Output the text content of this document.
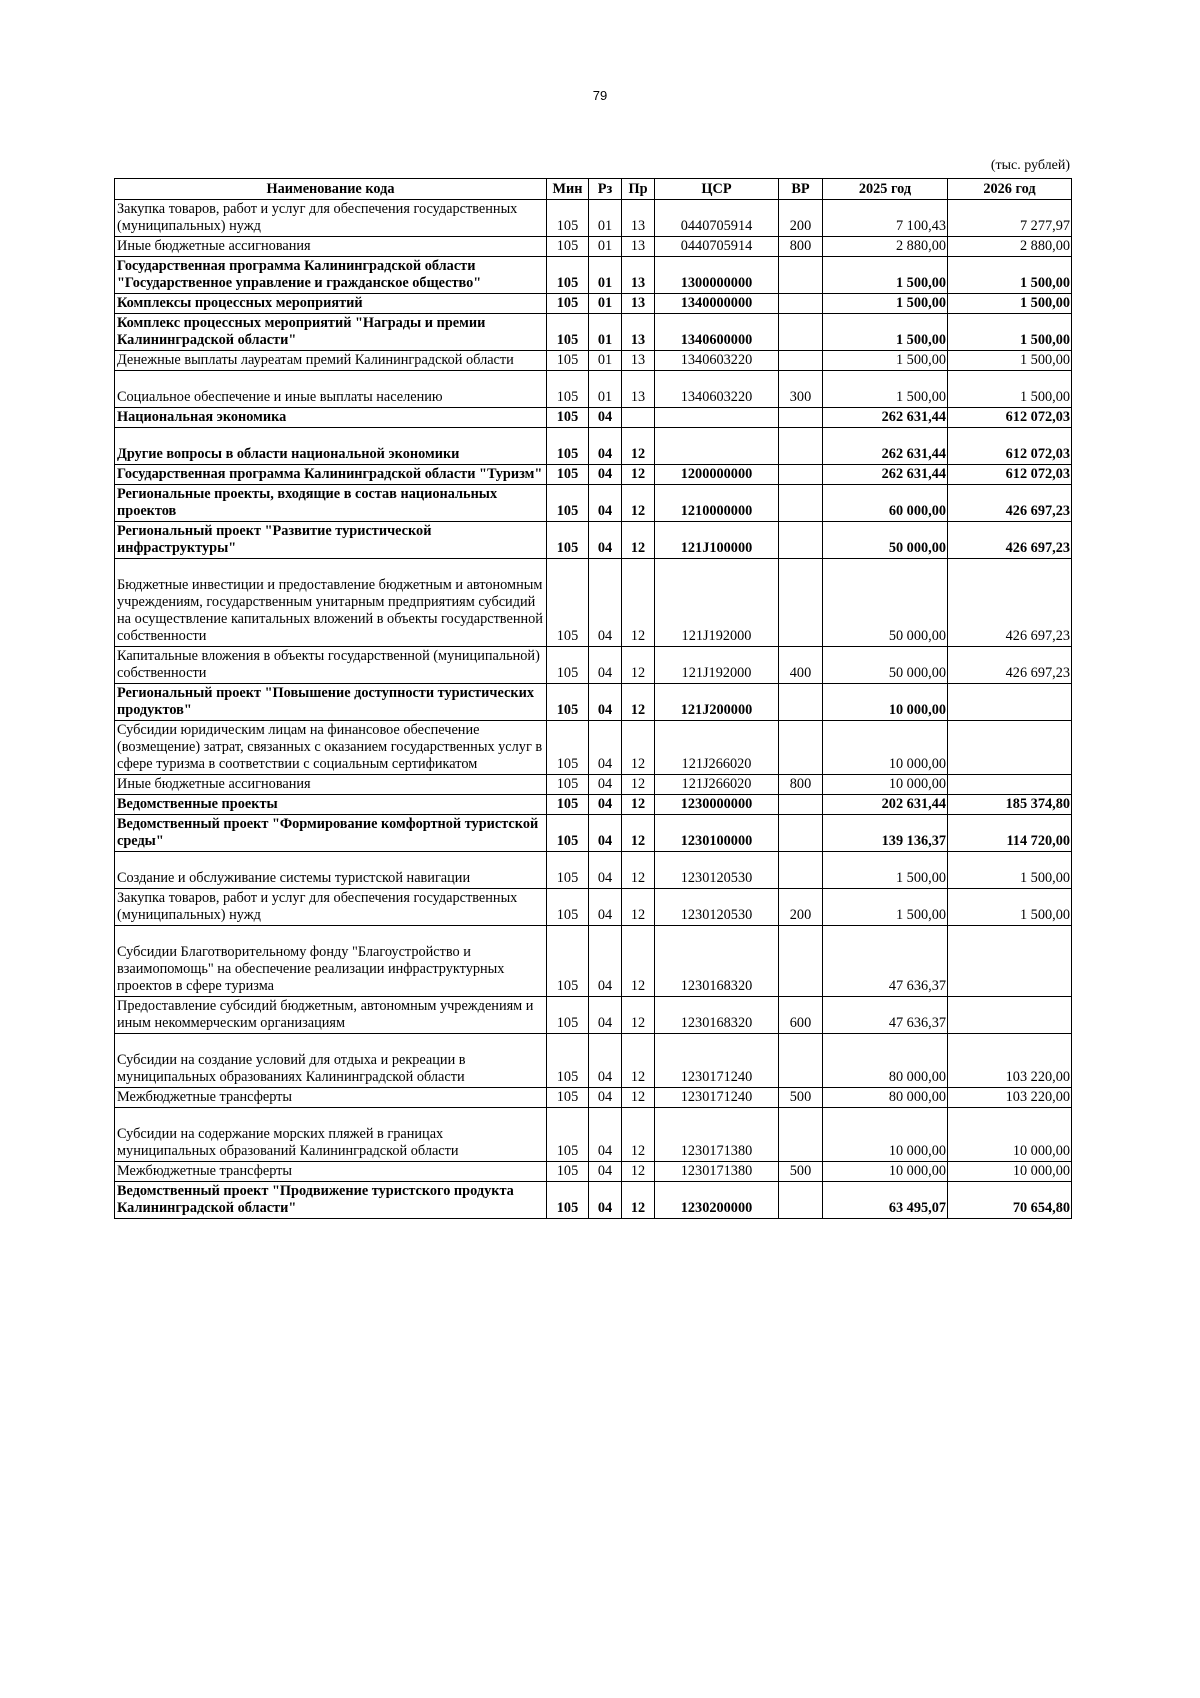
79
(тыс. рублей)
Наименование кода	Мин	Рз	Пр	ЦСР	ВР	2025 год	2026 год
Закупка товаров, работ и услуг для обеспечения государственных (муниципальных) нужд	105	01	13	0440705914	200	7 100,43	7 277,97
Иные бюджетные ассигнования	105	01	13	0440705914	800	2 880,00	2 880,00
Государственная программа Калининградской области "Государственное управление и гражданское общество"	105	01	13	1300000000		1 500,00	1 500,00
Комплексы процессных мероприятий	105	01	13	1340000000		1 500,00	1 500,00
Комплекс процессных мероприятий "Награды и премии Калининградской области"	105	01	13	1340600000		1 500,00	1 500,00
Денежные выплаты лауреатам премий Калининградской области	105	01	13	1340603220		1 500,00	1 500,00
Социальное обеспечение и иные выплаты населению	105	01	13	1340603220	300	1 500,00	1 500,00
Национальная экономика	105	04				262 631,44	612 072,03
Другие вопросы в области национальной экономики	105	04	12			262 631,44	612 072,03
Государственная программа Калининградской области "Туризм"	105	04	12	1200000000		262 631,44	612 072,03
Региональные проекты, входящие в состав национальных проектов	105	04	12	1210000000		60 000,00	426 697,23
Региональный проект "Развитие туристической инфраструктуры"	105	04	12	121J100000		50 000,00	426 697,23
Бюджетные инвестиции и предоставление бюджетным и автономным учреждениям, государственным унитарным предприятиям субсидий на осуществление капитальных вложений в объекты государственной собственности	105	04	12	121J192000		50 000,00	426 697,23
Капитальные вложения в объекты государственной (муниципальной) собственности	105	04	12	121J192000	400	50 000,00	426 697,23
Региональный проект "Повышение доступности туристических продуктов"	105	04	12	121J200000		10 000,00	
Субсидии юридическим лицам на финансовое обеспечение (возмещение) затрат, связанных с оказанием государственных услуг в сфере туризма в соответствии с социальным сертификатом	105	04	12	121J266020		10 000,00	
Иные бюджетные ассигнования	105	04	12	121J266020	800	10 000,00	
Ведомственные проекты	105	04	12	1230000000		202 631,44	185 374,80
Ведомственный проект "Формирование комфортной туристской среды"	105	04	12	1230100000		139 136,37	114 720,00
Создание и обслуживание системы туристской навигации	105	04	12	1230120530		1 500,00	1 500,00
Закупка товаров, работ и услуг для обеспечения государственных (муниципальных) нужд	105	04	12	1230120530	200	1 500,00	1 500,00
Субсидии Благотворительному фонду "Благоустройство и взаимопомощь" на обеспечение реализации инфраструктурных проектов в сфере туризма	105	04	12	1230168320		47 636,37	
Предоставление субсидий бюджетным, автономным учреждениям и иным некоммерческим организациям	105	04	12	1230168320	600	47 636,37	
Субсидии на создание условий для отдыха и рекреации в муниципальных образованиях Калининградской области	105	04	12	1230171240		80 000,00	103 220,00
Межбюджетные трансферты	105	04	12	1230171240	500	80 000,00	103 220,00
Субсидии на содержание морских пляжей в границах муниципальных образований Калининградской области	105	04	12	1230171380		10 000,00	10 000,00
Межбюджетные трансферты	105	04	12	1230171380	500	10 000,00	10 000,00
Ведомственный проект "Продвижение туристского продукта Калининградской области"	105	04	12	1230200000		63 495,07	70 654,80
